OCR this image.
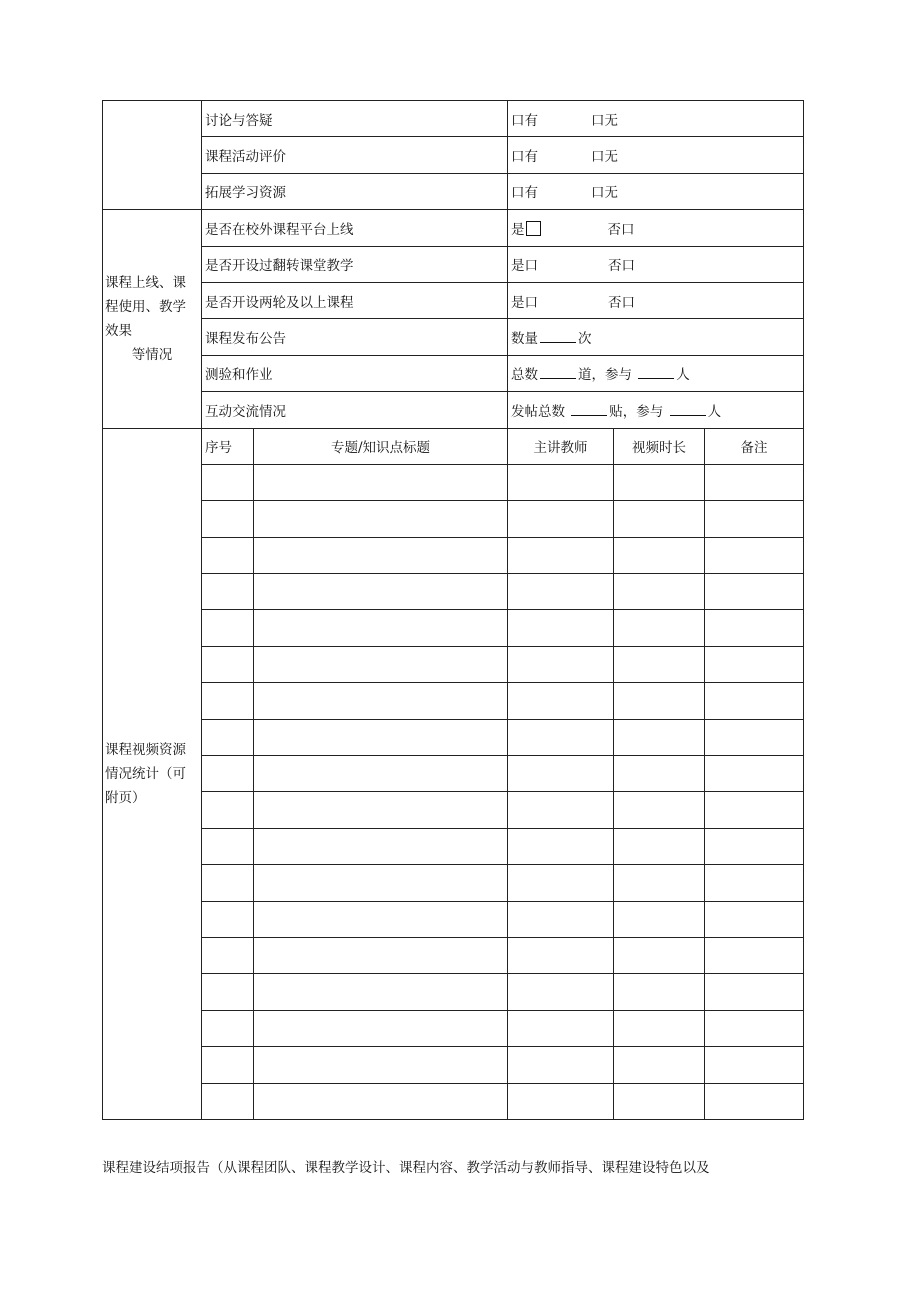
	讨论与答疑		口有 口无		
	课程活动评价		口有 口无		
	拓展学习资源		口有 口无		
课程上线、课程使用、教学效果
等情况	是否在校外课程平台上线		是 否口		
	是否开设过翻转课堂教学		是口 否口		
	是否开设两轮及以上课程		是口 否口		
	课程发布公告		数量 次		
	测验和作业		总数 道，参与 人		
	互动交流情况		发帖总数 贴，参与 人		
课程视频资源情况统计（可附页）	序号	专题/知识点标题	主讲教师	视频时长	备注

课程建设结项报告（从课程团队、课程教学设计、课程内容、教学活动与教师指导、课程建设特色以及
